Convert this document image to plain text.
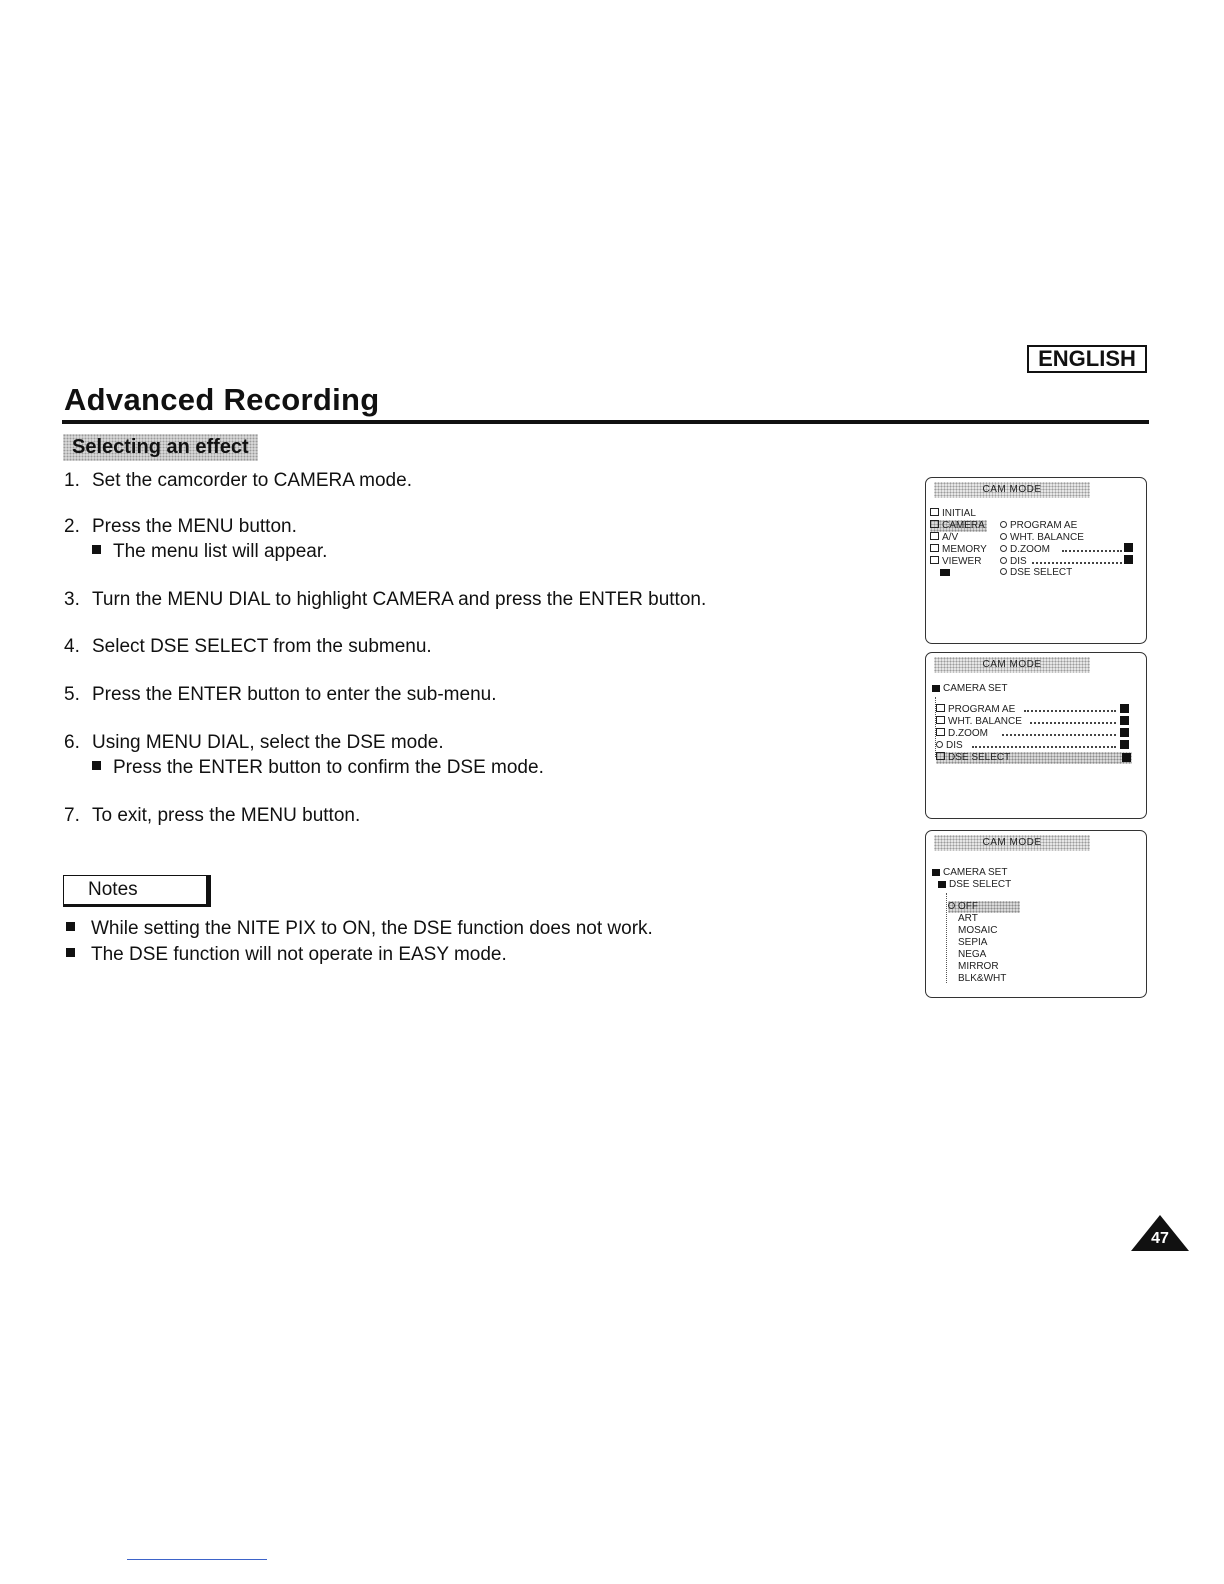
ENGLISH
Advanced Recording
Selecting an effect
1. Set the camcorder to CAMERA mode.
2. Press the MENU button.
The menu list will appear.
3. Turn the MENU DIAL to highlight CAMERA and press the ENTER button.
4. Select DSE SELECT from the submenu.
5. Press the ENTER button to enter the sub-menu.
6. Using MENU DIAL, select the DSE mode.
Press the ENTER button to confirm the DSE mode.
7. To exit, press the MENU button.
Notes
While setting the NITE PIX to ON, the DSE function does not work.
The DSE function will not operate in EASY mode.
CAM MODE
INITIAL
CAMERA
A/V
MEMORY
VIEWER
PROGRAM AE
WHT. BALANCE
D.ZOOM
DIS
DSE SELECT
CAM MODE
CAMERA SET
PROGRAM AE
WHT. BALANCE
D.ZOOM
DIS
DSE SELECT
CAM MODE
CAMERA SET
DSE SELECT
OFF
ART
MOSAIC
SEPIA
NEGA
MIRROR
BLK&WHT
47
